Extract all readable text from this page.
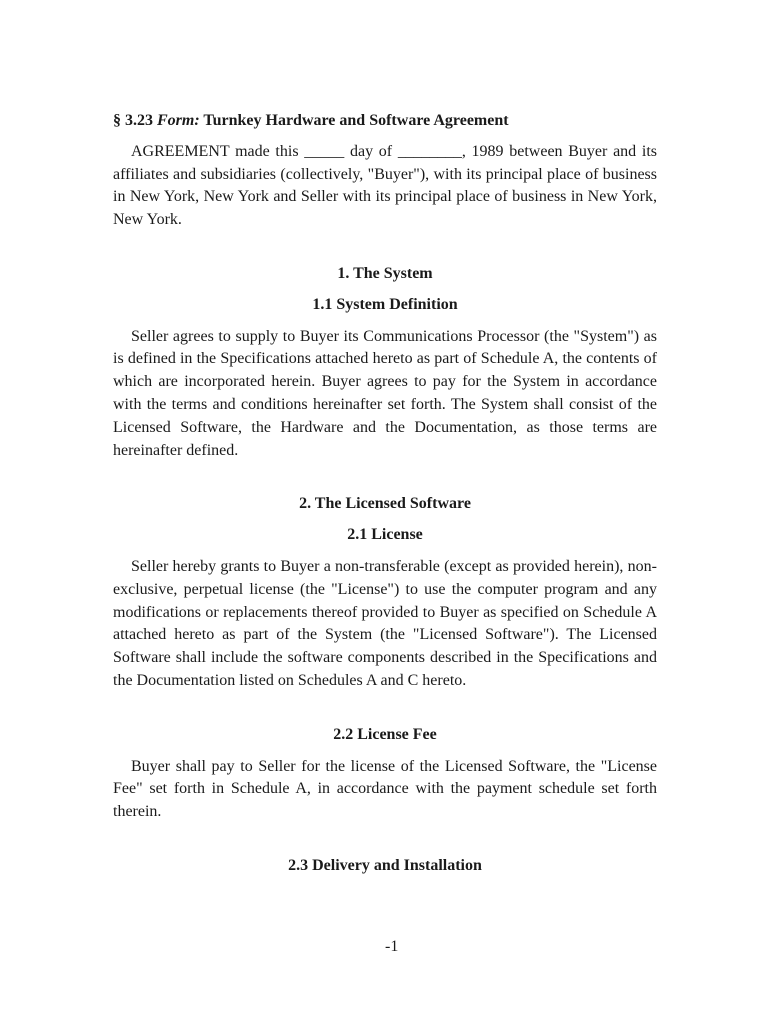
§ 3.23 Form: Turnkey Hardware and Software Agreement

AGREEMENT made this _____ day of ________, 1989 between Buyer and its affiliates and subsidiaries (collectively, "Buyer"), with its principal place of business in New York, New York and Seller with its principal place of business in New York, New York.

1. The System
1.1 System Definition

Seller agrees to supply to Buyer its Communications Processor (the "System") as is defined in the Specifications attached hereto as part of Schedule A, the contents of which are incorporated herein. Buyer agrees to pay for the System in accordance with the terms and conditions hereinafter set forth. The System shall consist of the Licensed Software, the Hardware and the Documentation, as those terms are hereinafter defined.

2. The Licensed Software
2.1 License

Seller hereby grants to Buyer a non-transferable (except as provided herein), non-exclusive, perpetual license (the "License") to use the computer program and any modifications or replacements thereof provided to Buyer as specified on Schedule A attached hereto as part of the System (the "Licensed Software"). The Licensed Software shall include the software components described in the Specifications and the Documentation listed on Schedules A and C hereto.

2.2 License Fee

Buyer shall pay to Seller for the license of the Licensed Software, the "License Fee" set forth in Schedule A, in accordance with the payment schedule set forth therein.

2.3 Delivery and Installation
-1
